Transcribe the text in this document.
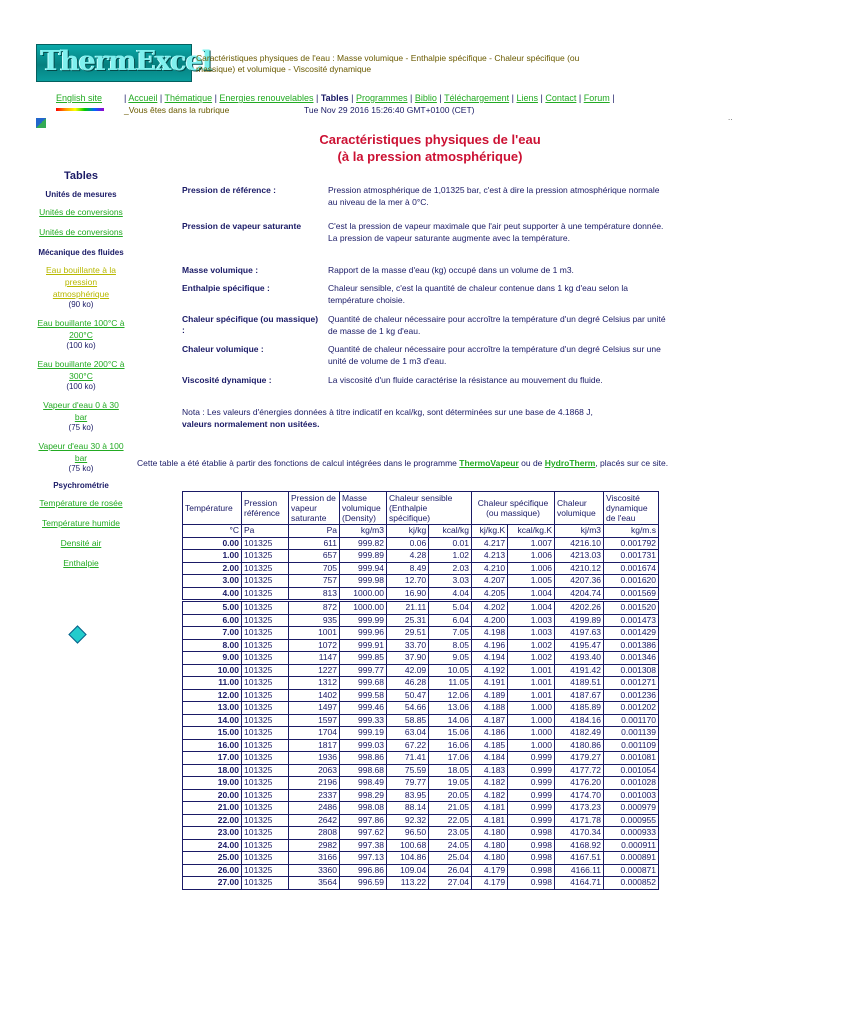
ThermExcel
Caractéristiques physiques de l'eau : Masse volumique - Enthalpie spécifique - Chaleur spécifique (ou massique) et volumique - Viscosité dynamique
English site | Accueil | Thématique | Energies renouvelables | Tables | Programmes | Biblio | Téléchargement | Liens | Contact | Forum |
_Vous êtes dans la rubrique	Tue Nov 29 2016 15:26:40 GMT+0100 (CET)
..
Caractéristiques physiques de l'eau
(à la pression atmosphérique)
Tables
Unités de mesures
Unités de conversions
Unités de conversions
Mécanique des fluides
Eau bouillante à la pression atmosphérique
(90 ko)
Eau bouillante 100°C à 200°C
(100 ko)
Eau bouillante 200°C à 300°C
(100 ko)
Vapeur d'eau 0 à 30 bar
(75 ko)
Vapeur d'eau 30 à 100 bar
(75 ko)
Psychrométrie
Température de rosée
Température humide
Densité air
Enthalpie
Pression de référence :	Pression atmosphérique de 1,01325 bar, c'est à dire la pression atmosphérique normale au niveau de la mer à 0°C.
Pression de vapeur saturante	C'est la pression de vapeur maximale que l'air peut supporter à une température donnée. La pression de vapeur saturante augmente avec la température.
Masse volumique :	Rapport de la masse d'eau (kg) occupé dans un volume de 1 m3.
Enthalpie spécifique :	Chaleur sensible, c'est la quantité de chaleur contenue dans 1 kg d'eau selon la température choisie.
Chaleur spécifique (ou massique) :
Quantité de chaleur nécessaire pour accroître la température d'un degré Celsius par unité de masse de 1 kg d'eau.
Chaleur volumique :	Quantité de chaleur nécessaire pour accroître la température d'un degré Celsius sur une unité de volume de 1 m3 d'eau.
Viscosité dynamique :	La viscosité d'un fluide caractérise la résistance au mouvement du fluide.
Nota : Les valeurs d'énergies données à titre indicatif en kcal/kg, sont déterminées sur une base de 4.1868 J,
valeurs normalement non usitées.
Cette table a été établie à partir des fonctions de calcul intégrées dans le programme ThermoVapeur ou de HydroTherm, placés sur ce site.
Température	Pression référence	Pression de vapeur saturante	Masse volumique (Density)	Chaleur sensible (Enthalpie spécifique)		Chaleur spécifique (ou massique)		Chaleur volumique	Viscosité dynamique de l'eau
°C	Pa	Pa	kg/m3	kj/kg	kcal/kg	kj/kg.K	kcal/kg.K	kj/m3	kg/m.s
0.00	101325	611	999.82	0.06	0.01	4.217	1.007	4216.10	0.001792
1.00	101325	657	999.89	4.28	1.02	4.213	1.006	4213.03	0.001731
2.00	101325	705	999.94	8.49	2.03	4.210	1.006	4210.12	0.001674
3.00	101325	757	999.98	12.70	3.03	4.207	1.005	4207.36	0.001620
4.00	101325	813	1000.00	16.90	4.04	4.205	1.004	4204.74	0.001569
5.00	101325	872	1000.00	21.11	5.04	4.202	1.004	4202.26	0.001520
6.00	101325	935	999.99	25.31	6.04	4.200	1.003	4199.89	0.001473
7.00	101325	1001	999.96	29.51	7.05	4.198	1.003	4197.63	0.001429
8.00	101325	1072	999.91	33.70	8.05	4.196	1.002	4195.47	0.001386
9.00	101325	1147	999.85	37.90	9.05	4.194	1.002	4193.40	0.001346
10.00	101325	1227	999.77	42.09	10.05	4.192	1.001	4191.42	0.001308
11.00	101325	1312	999.68	46.28	11.05	4.191	1.001	4189.51	0.001271
12.00	101325	1402	999.58	50.47	12.06	4.189	1.001	4187.67	0.001236
13.00	101325	1497	999.46	54.66	13.06	4.188	1.000	4185.89	0.001202
14.00	101325	1597	999.33	58.85	14.06	4.187	1.000	4184.16	0.001170
15.00	101325	1704	999.19	63.04	15.06	4.186	1.000	4182.49	0.001139
16.00	101325	1817	999.03	67.22	16.06	4.185	1.000	4180.86	0.001109
17.00	101325	1936	998.86	71.41	17.06	4.184	0.999	4179.27	0.001081
18.00	101325	2063	998.68	75.59	18.05	4.183	0.999	4177.72	0.001054
19.00	101325	2196	998.49	79.77	19.05	4.182	0.999	4176.20	0.001028
20.00	101325	2337	998.29	83.95	20.05	4.182	0.999	4174.70	0.001003
21.00	101325	2486	998.08	88.14	21.05	4.181	0.999	4173.23	0.000979
22.00	101325	2642	997.86	92.32	22.05	4.181	0.999	4171.78	0.000955
23.00	101325	2808	997.62	96.50	23.05	4.180	0.998	4170.34	0.000933
24.00	101325	2982	997.38	100.68	24.05	4.180	0.998	4168.92	0.000911
25.00	101325	3166	997.13	104.86	25.04	4.180	0.998	4167.51	0.000891
26.00	101325	3360	996.86	109.04	26.04	4.179	0.998	4166.11	0.000871
27.00	101325	3564	996.59	113.22	27.04	4.179	0.998	4164.71	0.000852
